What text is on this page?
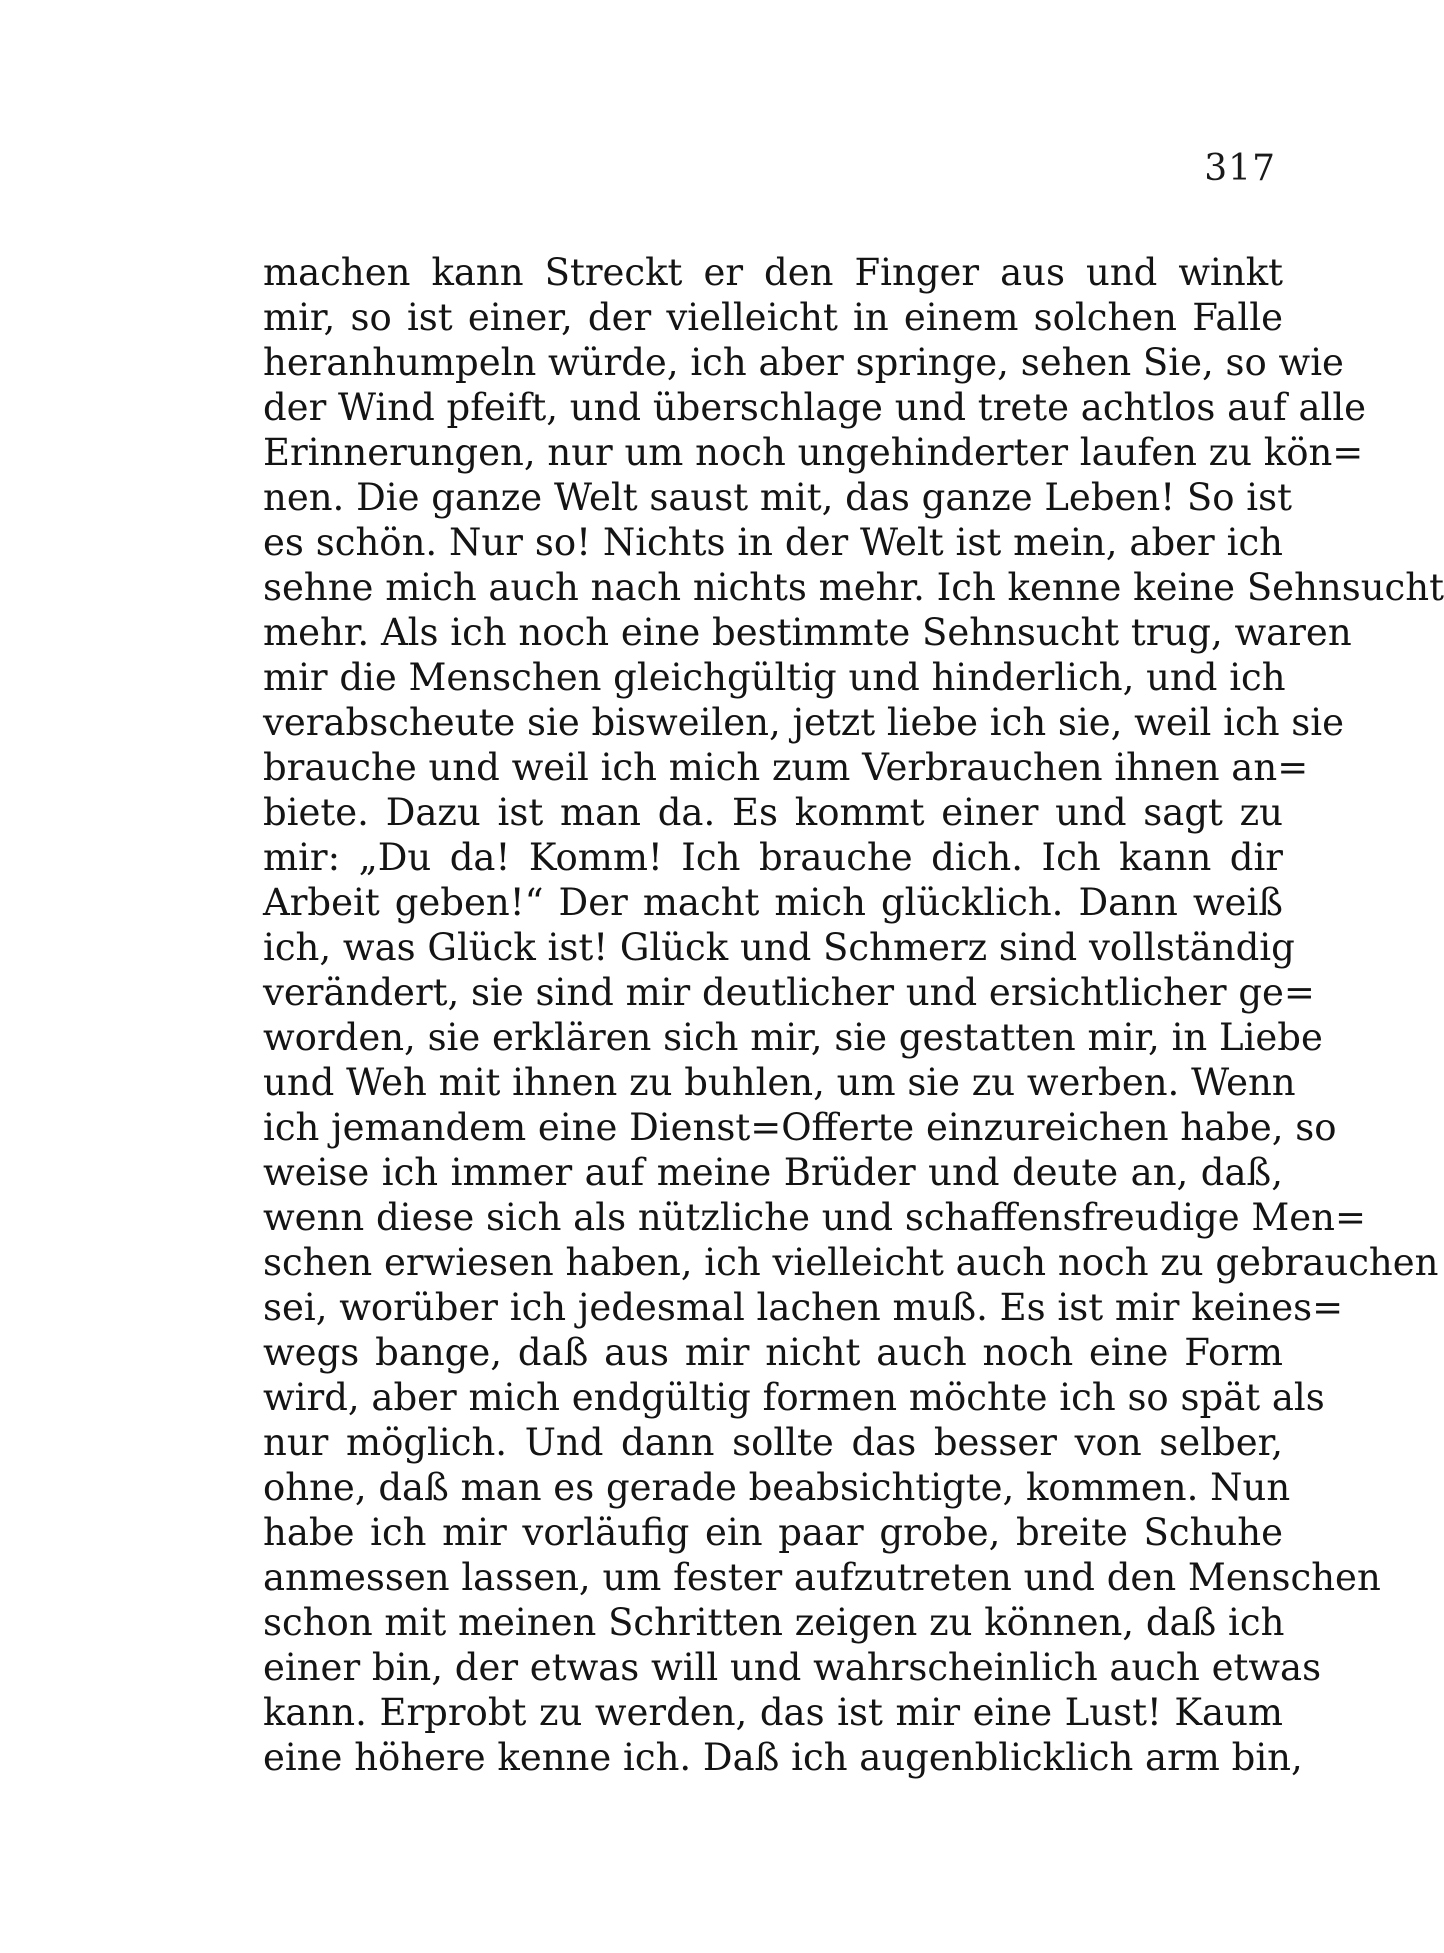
317
machen kann Streckt er den Finger aus und winkt
mir, so ist einer, der vielleicht in einem solchen Falle
heranhumpeln würde, ich aber springe, sehen Sie, so wie
der Wind pfeift, und überschlage und trete achtlos auf alle
Erinnerungen, nur um noch ungehinderter laufen zu kön=
nen. Die ganze Welt saust mit, das ganze Leben! So ist
es schön. Nur so! Nichts in der Welt ist mein, aber ich
sehne mich auch nach nichts mehr. Ich kenne keine Sehnsucht
mehr. Als ich noch eine bestimmte Sehnsucht trug, waren
mir die Menschen gleichgültig und hinderlich, und ich
verabscheute sie bisweilen, jetzt liebe ich sie, weil ich sie
brauche und weil ich mich zum Verbrauchen ihnen an=
biete. Dazu ist man da. Es kommt einer und sagt zu
mir: „Du da! Komm! Ich brauche dich. Ich kann dir
Arbeit geben!“ Der macht mich glücklich. Dann weiß
ich, was Glück ist! Glück und Schmerz sind vollständig
verändert, sie sind mir deutlicher und ersichtlicher ge=
worden, sie erklären sich mir, sie gestatten mir, in Liebe
und Weh mit ihnen zu buhlen, um sie zu werben. Wenn
ich jemandem eine Dienst=Offerte einzureichen habe, so
weise ich immer auf meine Brüder und deute an, daß,
wenn diese sich als nützliche und schaffensfreudige Men=
schen erwiesen haben, ich vielleicht auch noch zu gebrauchen
sei, worüber ich jedesmal lachen muß. Es ist mir keines=
wegs bange, daß aus mir nicht auch noch eine Form
wird, aber mich endgültig formen möchte ich so spät als
nur möglich. Und dann sollte das besser von selber,
ohne, daß man es gerade beabsichtigte, kommen. Nun
habe ich mir vorläufig ein paar grobe, breite Schuhe
anmessen lassen, um fester aufzutreten und den Menschen
schon mit meinen Schritten zeigen zu können, daß ich
einer bin, der etwas will und wahrscheinlich auch etwas
kann. Erprobt zu werden, das ist mir eine Lust! Kaum
eine höhere kenne ich. Daß ich augenblicklich arm bin,
